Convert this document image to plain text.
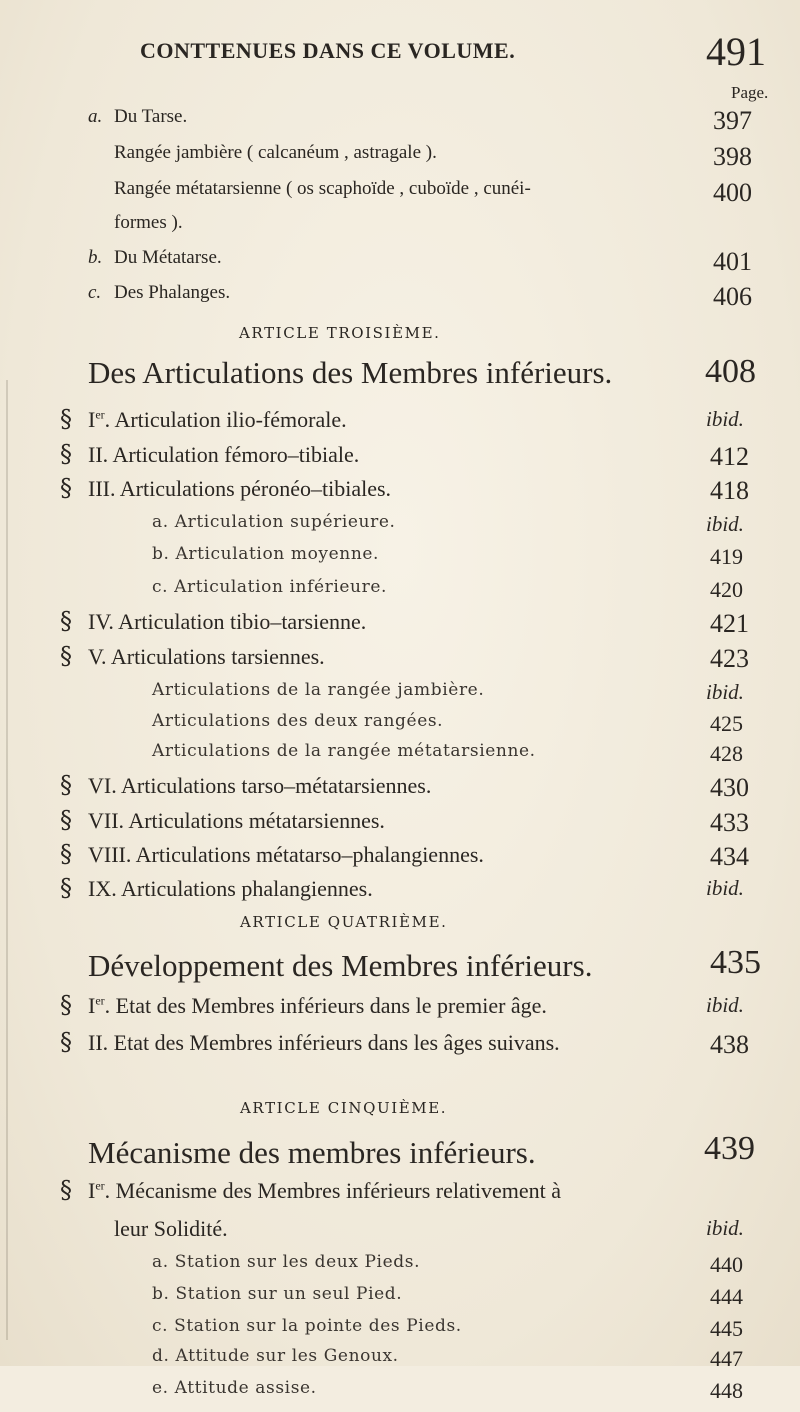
CONTTENUES DANS CE VOLUME.	491
Page.
a. Du Tarse.	397
Rangée jambière ( calcanéum , astragale ).	398
Rangée métatarsienne ( os scaphoïde , cuboïde , cunéi-	400
formes ).
b. Du Métatarse.	401
c. Des Phalanges.	406
ARTICLE TROISIÈME.
Des Articulations des Membres inférieurs.	408
§ Ier. Articulation ilio-fémorale.	ibid.
§ II. Articulation fémoro–tibiale.	412
§ III. Articulations péronéo–tibiales.	418
a. Articulation supérieure.	ibid.
b. Articulation moyenne.	419
c. Articulation inférieure.	420
§ IV. Articulation tibio–tarsienne.	421
§ V. Articulations tarsiennes.	423
Articulations de la rangée jambière.	ibid.
Articulations des deux rangées.	425
Articulations de la rangée métatarsienne.	428
§ VI. Articulations tarso–métatarsiennes.	430
§ VII. Articulations métatarsiennes.	433
§ VIII. Articulations métatarso–phalangiennes.	434
§ IX. Articulations phalangiennes.	ibid.
ARTICLE QUATRIÈME.
Développement des Membres inférieurs.	435
§ Ier. Etat des Membres inférieurs dans le premier âge.	ibid.
§ II. Etat des Membres inférieurs dans les âges suivans.	438
ARTICLE CINQUIÈME.
Mécanisme des membres inférieurs.	439
§ Ier. Mécanisme des Membres inférieurs relativement à
leur Solidité.	ibid.
a. Station sur les deux Pieds.	440
b. Station sur un seul Pied.	444
c. Station sur la pointe des Pieds.	445
d. Attitude sur les Genoux.	447
e. Attitude assise.	448
